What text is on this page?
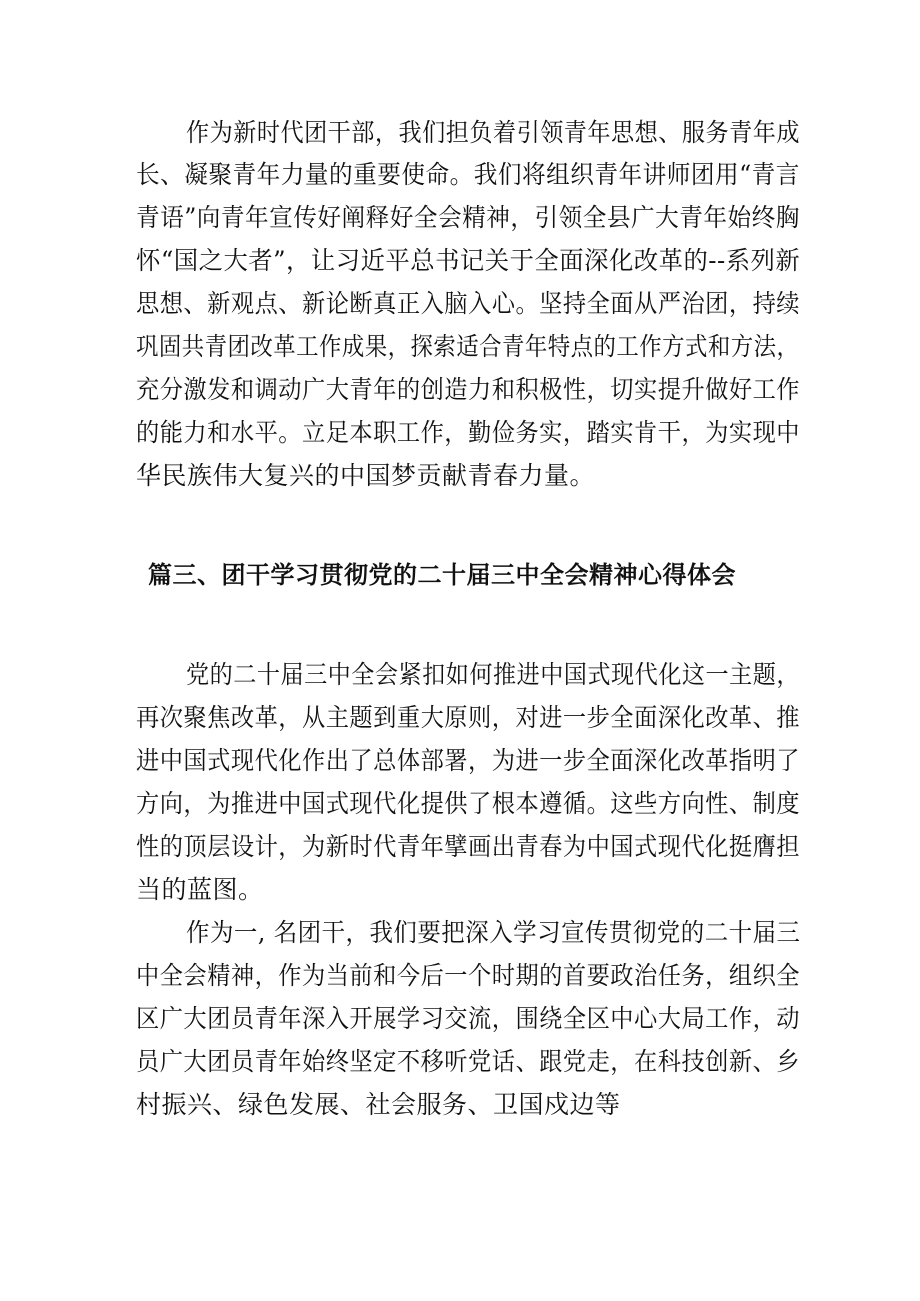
作为新时代团干部，我们担负着引领青年思想、服务青年成
长、凝聚青年力量的重要使命。我们将组织青年讲师团用“青言
青语”向青年宣传好阐释好全会精神，引领全县广大青年始终胸
怀“国之大者”，让习近平总书记关于全面深化改革的--系列新
思想、新观点、新论断真正入脑入心。坚持全面从严治团，持续
巩固共青团改革工作成果，探索适合青年特点的工作方式和方法，
充分激发和调动广大青年的创造力和积极性，切实提升做好工作
的能力和水平。立足本职工作，勤俭务实，踏实肯干，为实现中
华民族伟大复兴的中国梦贡献青春力量。
篇三、团干学习贯彻党的二十届三中全会精神心得体会
党的二十届三中全会紧扣如何推进中国式现代化这一主题，
再次聚焦改革，从主题到重大原则，对进一步全面深化改革、推
进中国式现代化作出了总体部署，为进一步全面深化改革指明了
方向，为推进中国式现代化提供了根本遵循。这些方向性、制度
性的顶层设计，为新时代青年擘画出青春为中国式现代化挺膺担
当的蓝图。
作为一, 名团干，我们要把深入学习宣传贯彻党的二十届三
中全会精神，作为当前和今后一个时期的首要政治任务，组织全
区广大团员青年深入开展学习交流，围绕全区中心大局工作，动
员广大团员青年始终坚定不移听党话、跟党走，在科技创新、乡
村振兴、绿色发展、社会服务、卫国戍边等
